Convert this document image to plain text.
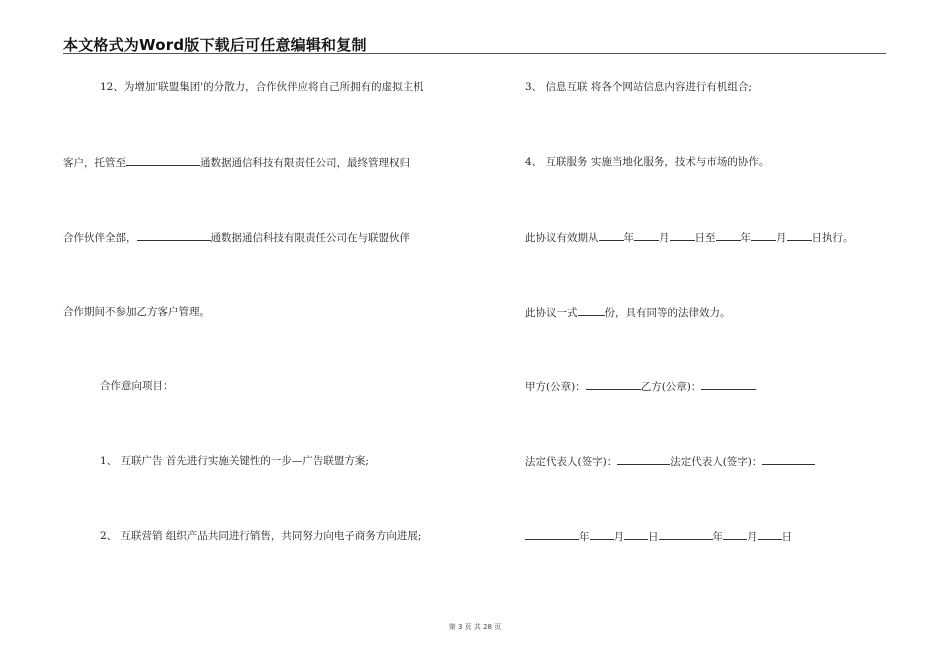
本文格式为Word版下载后可任意编辑和复制
12、为增加'联盟集团'的分散力，合作伙伴应将自己所拥有的虚拟主机
客户，托管至	通数据通信科技有限责任公司，最终管理权归
合作伙伴全部，	通数据通信科技有限责任公司在与联盟伙伴
合作期间不参加乙方客户管理。
合作意向项目：
1、 互联广告 首先进行实施关键性的一步—广告联盟方案;
2、 互联营销 组织产品共同进行销售，共同努力向电子商务方向进展;
3、 信息互联 将各个网站信息内容进行有机组合;
4、 互联服务 实施当地化服务，技术与市场的协作。
此协议有效期从 年 月 日至 年 月 日执行。
此协议一式	份，具有同等的法律效力。
甲方(公章)：	乙方(公章)：
法定代表人(签字)：	法定代表人(签字)：
年 月 日	年 月 日
第 3 页 共 28 页
